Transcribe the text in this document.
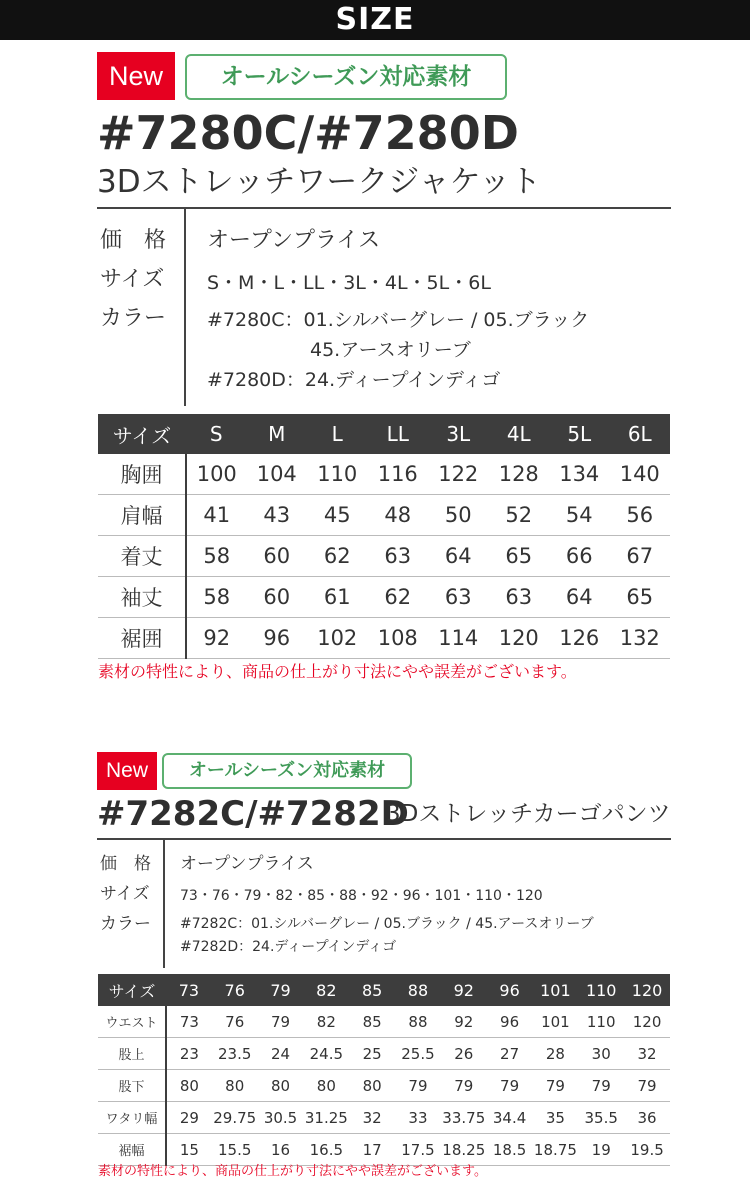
SIZE
New	オールシーズン対応素材
#7280C/#7280D
3Dストレッチワークジャケット
価　格 オープンプライス
サイズ S・M・L・LL・3L・4L・5L・6L
カラー #7280C：01.シルバーグレー / 05.ブラック
45.アースオリーブ
#7280D：24.ディープインディゴ
サイズ	S	M	L	LL	3L	4L	5L	6L
胸囲	100	104	110	116	122	128	134	140
肩幅	41	43	45	48	50	52	54	56
着丈	58	60	62	63	64	65	66	67
袖丈	58	60	61	62	63	63	64	65
裾囲	92	96	102	108	114	120	126	132
素材の特性により、商品の仕上がり寸法にやや誤差がございます。
New	オールシーズン対応素材
#7282C/#7282D
3Dストレッチカーゴパンツ
価　格 オープンプライス
サイズ 73・76・79・82・85・88・92・96・101・110・120
カラー #7282C：01.シルバーグレー / 05.ブラック / 45.アースオリーブ
#7282D：24.ディープインディゴ
サイズ	73	76	79	82	85	88	92	96	101	110	120
ウエスト	73	76	79	82	85	88	92	96	101	110	120
股上	23	23.5	24	24.5	25	25.5	26	27	28	30	32
股下	80	80	80	80	80	79	79	79	79	79	79
ワタリ幅	29	29.75	30.5	31.25	32	33	33.75	34.4	35	35.5	36
裾幅	15	15.5	16	16.5	17	17.5	18.25	18.5	18.75	19	19.5
素材の特性により、商品の仕上がり寸法にやや誤差がございます。
